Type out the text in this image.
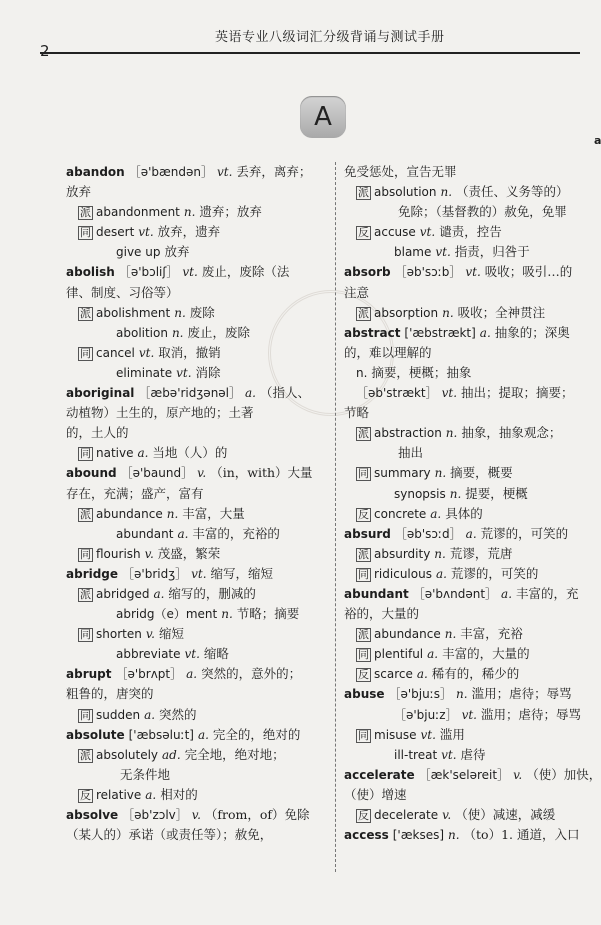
2
英语专业八级词汇分级背诵与测试手册
A
a
abandon ［ə'bændən］ vt. 丢弃，离弃；
放弃
派 abandonment n. 遗弃；放弃
同 desert vt. 放弃，遗弃
give up 放弃
abolish ［ə'bɔliʃ］ vt. 废止，废除（法
律、制度、习俗等）
派 abolishment n. 废除
abolition n. 废止，废除
同 cancel vt. 取消，撤销
eliminate vt. 消除
aboriginal ［æbə'ridʒənəl］ a. （指人、
动植物）土生的，原产地的；土著
的，土人的
同 native a. 当地（人）的
abound ［ə'baund］ v. （in，with）大量
存在，充满；盛产，富有
派 abundance n. 丰富，大量
abundant a. 丰富的，充裕的
同 flourish v. 茂盛，繁荣
abridge ［ə'bridʒ］ vt. 缩写，缩短
派 abridged a. 缩写的，删减的
abridg（e）ment n. 节略；摘要
同 shorten v. 缩短
abbreviate vt. 缩略
abrupt ［ə'brʌpt］ a. 突然的，意外的；
粗鲁的，唐突的
同 sudden a. 突然的
absolute ['æbsəluːt] a. 完全的，绝对的
派 absolutely ad. 完全地，绝对地；
无条件地
反 relative a. 相对的
absolve ［əb'zɔlv］ v. （from，of）免除
（某人的）承诺（或责任等）；赦免，
免受惩处，宣告无罪
派 absolution n. （责任、义务等的）
免除；（基督教的）赦免，免罪
反 accuse vt. 谴责，控告
blame vt. 指责，归咎于
absorb ［əb'sɔːb］ vt. 吸收；吸引…的
注意
派 absorption n. 吸收；全神贯注
abstract ['æbstrækt] a. 抽象的；深奥
的，难以理解的
n. 摘要，梗概；抽象
［əb'strækt］ vt. 抽出；提取；摘要；
节略
派 abstraction n. 抽象，抽象观念；
抽出
同 summary n. 摘要，概要
synopsis n. 提要，梗概
反 concrete a. 具体的
absurd ［əb'sɔːd］ a. 荒谬的，可笑的
派 absurdity n. 荒谬，荒唐
同 ridiculous a. 荒谬的，可笑的
abundant ［ə'bʌndənt］ a. 丰富的，充
裕的，大量的
派 abundance n. 丰富，充裕
同 plentiful a. 丰富的，大量的
反 scarce a. 稀有的，稀少的
abuse ［ə'bjuːs］ n. 滥用；虐待；辱骂
［ə'bjuːz］ vt. 滥用；虐待；辱骂
同 misuse vt. 滥用
ill-treat vt. 虐待
accelerate ［æk'seləreit］ v. （使）加快，
（使）增速
反 decelerate v. （使）减速，减缓
access ['ækses] n. （to）1. 通道，入口
